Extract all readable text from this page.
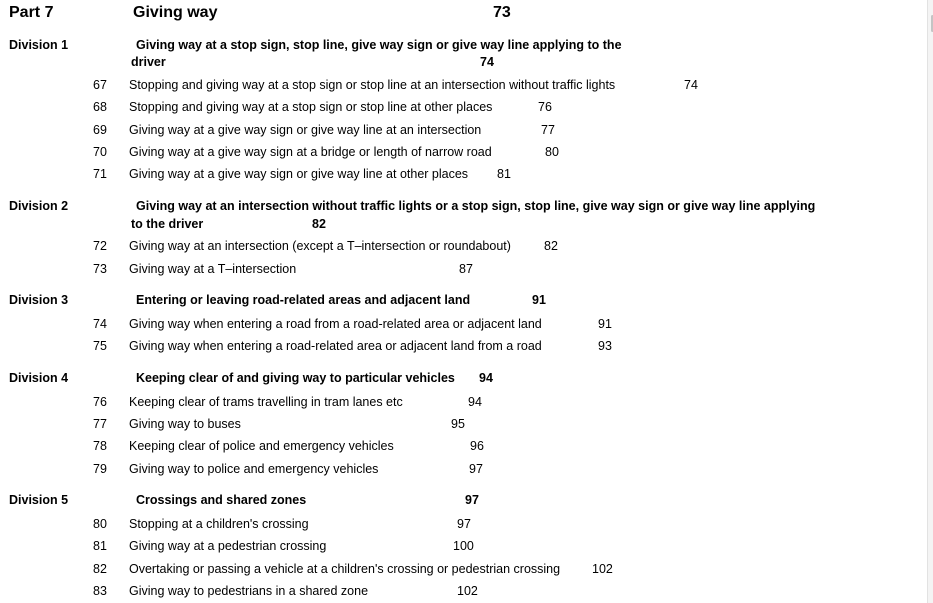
Part 7	Giving way	73
Division 1	Giving way at a stop sign, stop line, give way sign or give way line applying to the
driver	74
67 Stopping and giving way at a stop sign or stop line at an intersection without traffic lights	74
68 Stopping and giving way at a stop sign or stop line at other places	76
69 Giving way at a give way sign or give way line at an intersection	77
70 Giving way at a give way sign at a bridge or length of narrow road	80
71 Giving way at a give way sign or give way line at other places 81
Division 2	Giving way at an intersection without traffic lights or a stop sign, stop line, give way sign or give way line applying
to the driver	82
72 Giving way at an intersection (except a T–intersection or roundabout)	82
73 Giving way at a T–intersection	87
Division 3	Entering or leaving road-related areas and adjacent land	91
74 Giving way when entering a road from a road-related area or adjacent land	91
75 Giving way when entering a road-related area or adjacent land from a road	93
Division 4	Keeping clear of and giving way to particular vehicles 94
76 Keeping clear of trams travelling in tram lanes etc	94
77 Giving way to buses	95
78 Keeping clear of police and emergency vehicles	96
79 Giving way to police and emergency vehicles	97
Division 5	Crossings and shared zones	97
80 Stopping at a children's crossing	97
81 Giving way at a pedestrian crossing	100
82 Overtaking or passing a vehicle at a children's crossing or pedestrian crossing	102
83 Giving way to pedestrians in a shared zone	102
